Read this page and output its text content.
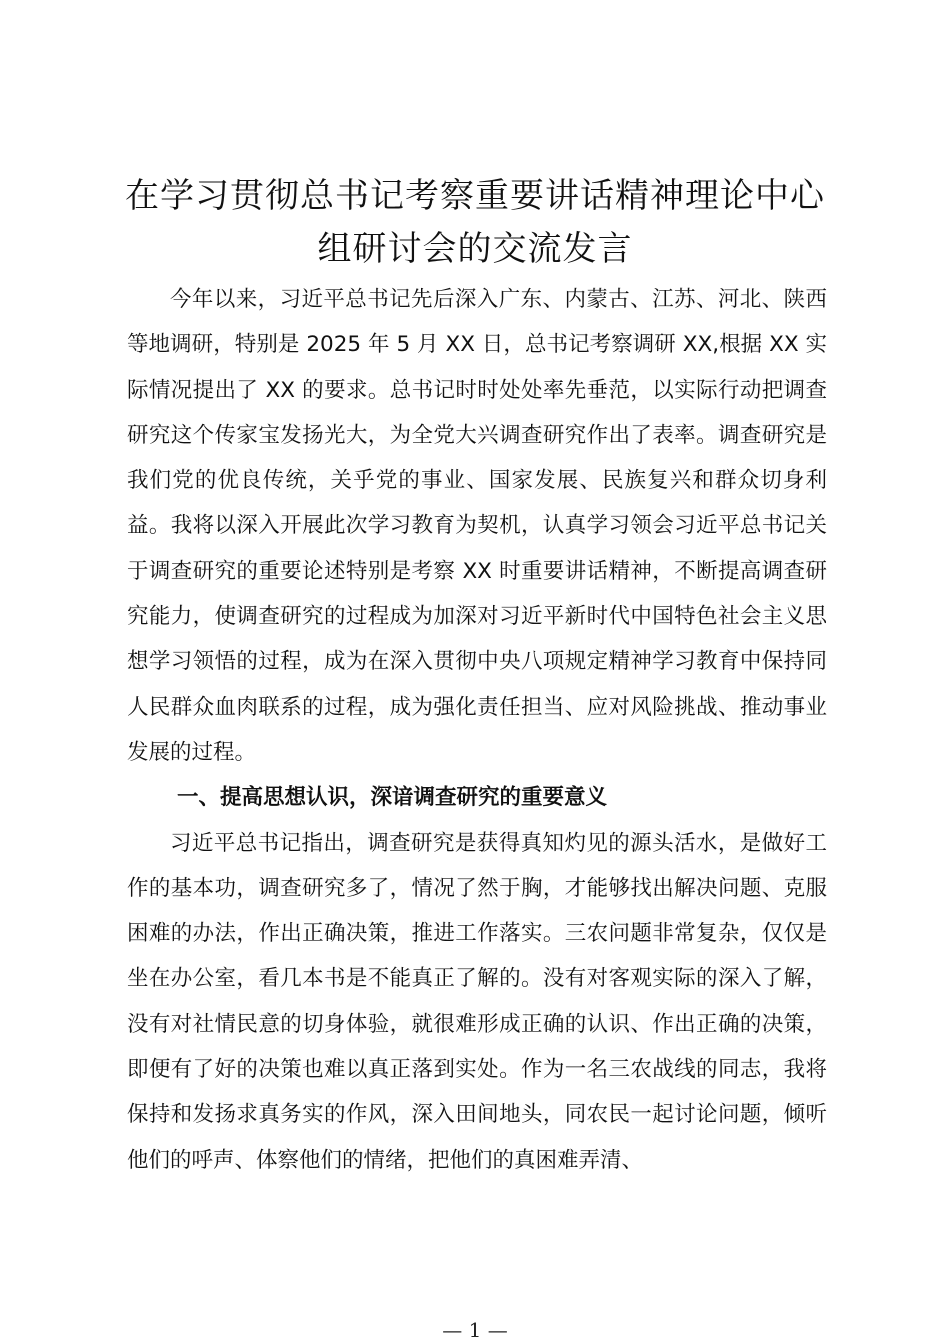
在学习贯彻总书记考察重要讲话精神理论中心
组研讨会的交流发言

今年以来，习近平总书记先后深入广东、内蒙古、江苏、河北、陕西等地调研，特别是 2025 年 5 月 XX 日，总书记考察调研 XX,根据 XX 实际情况提出了 XX 的要求。总书记时时处处率先垂范，以实际行动把调查研究这个传家宝发扬光大，为全党大兴调查研究作出了表率。调查研究是我们党的优良传统，关乎党的事业、国家发展、民族复兴和群众切身利益。我将以深入开展此次学习教育为契机，认真学习领会习近平总书记关于调查研究的重要论述特别是考察 XX 时重要讲话精神，不断提高调查研究能力，使调查研究的过程成为加深对习近平新时代中国特色社会主义思想学习领悟的过程，成为在深入贯彻中央八项规定精神学习教育中保持同人民群众血肉联系的过程，成为强化责任担当、应对风险挑战、推动事业发展的过程。

一、提高思想认识，深谙调查研究的重要意义

习近平总书记指出，调查研究是获得真知灼见的源头活水，是做好工作的基本功，调查研究多了，情况了然于胸，才能够找出解决问题、克服困难的办法，作出正确决策，推进工作落实。三农问题非常复杂，仅仅是坐在办公室，看几本书是不能真正了解的。没有对客观实际的深入了解，没有对社情民意的切身体验，就很难形成正确的认识、作出正确的决策，即便有了好的决策也难以真正落到实处。作为一名三农战线的同志，我将保持和发扬求真务实的作风，深入田间地头，同农民一起讨论问题，倾听他们的呼声、体察他们的情绪，把他们的真困难弄清、

— 1 —
